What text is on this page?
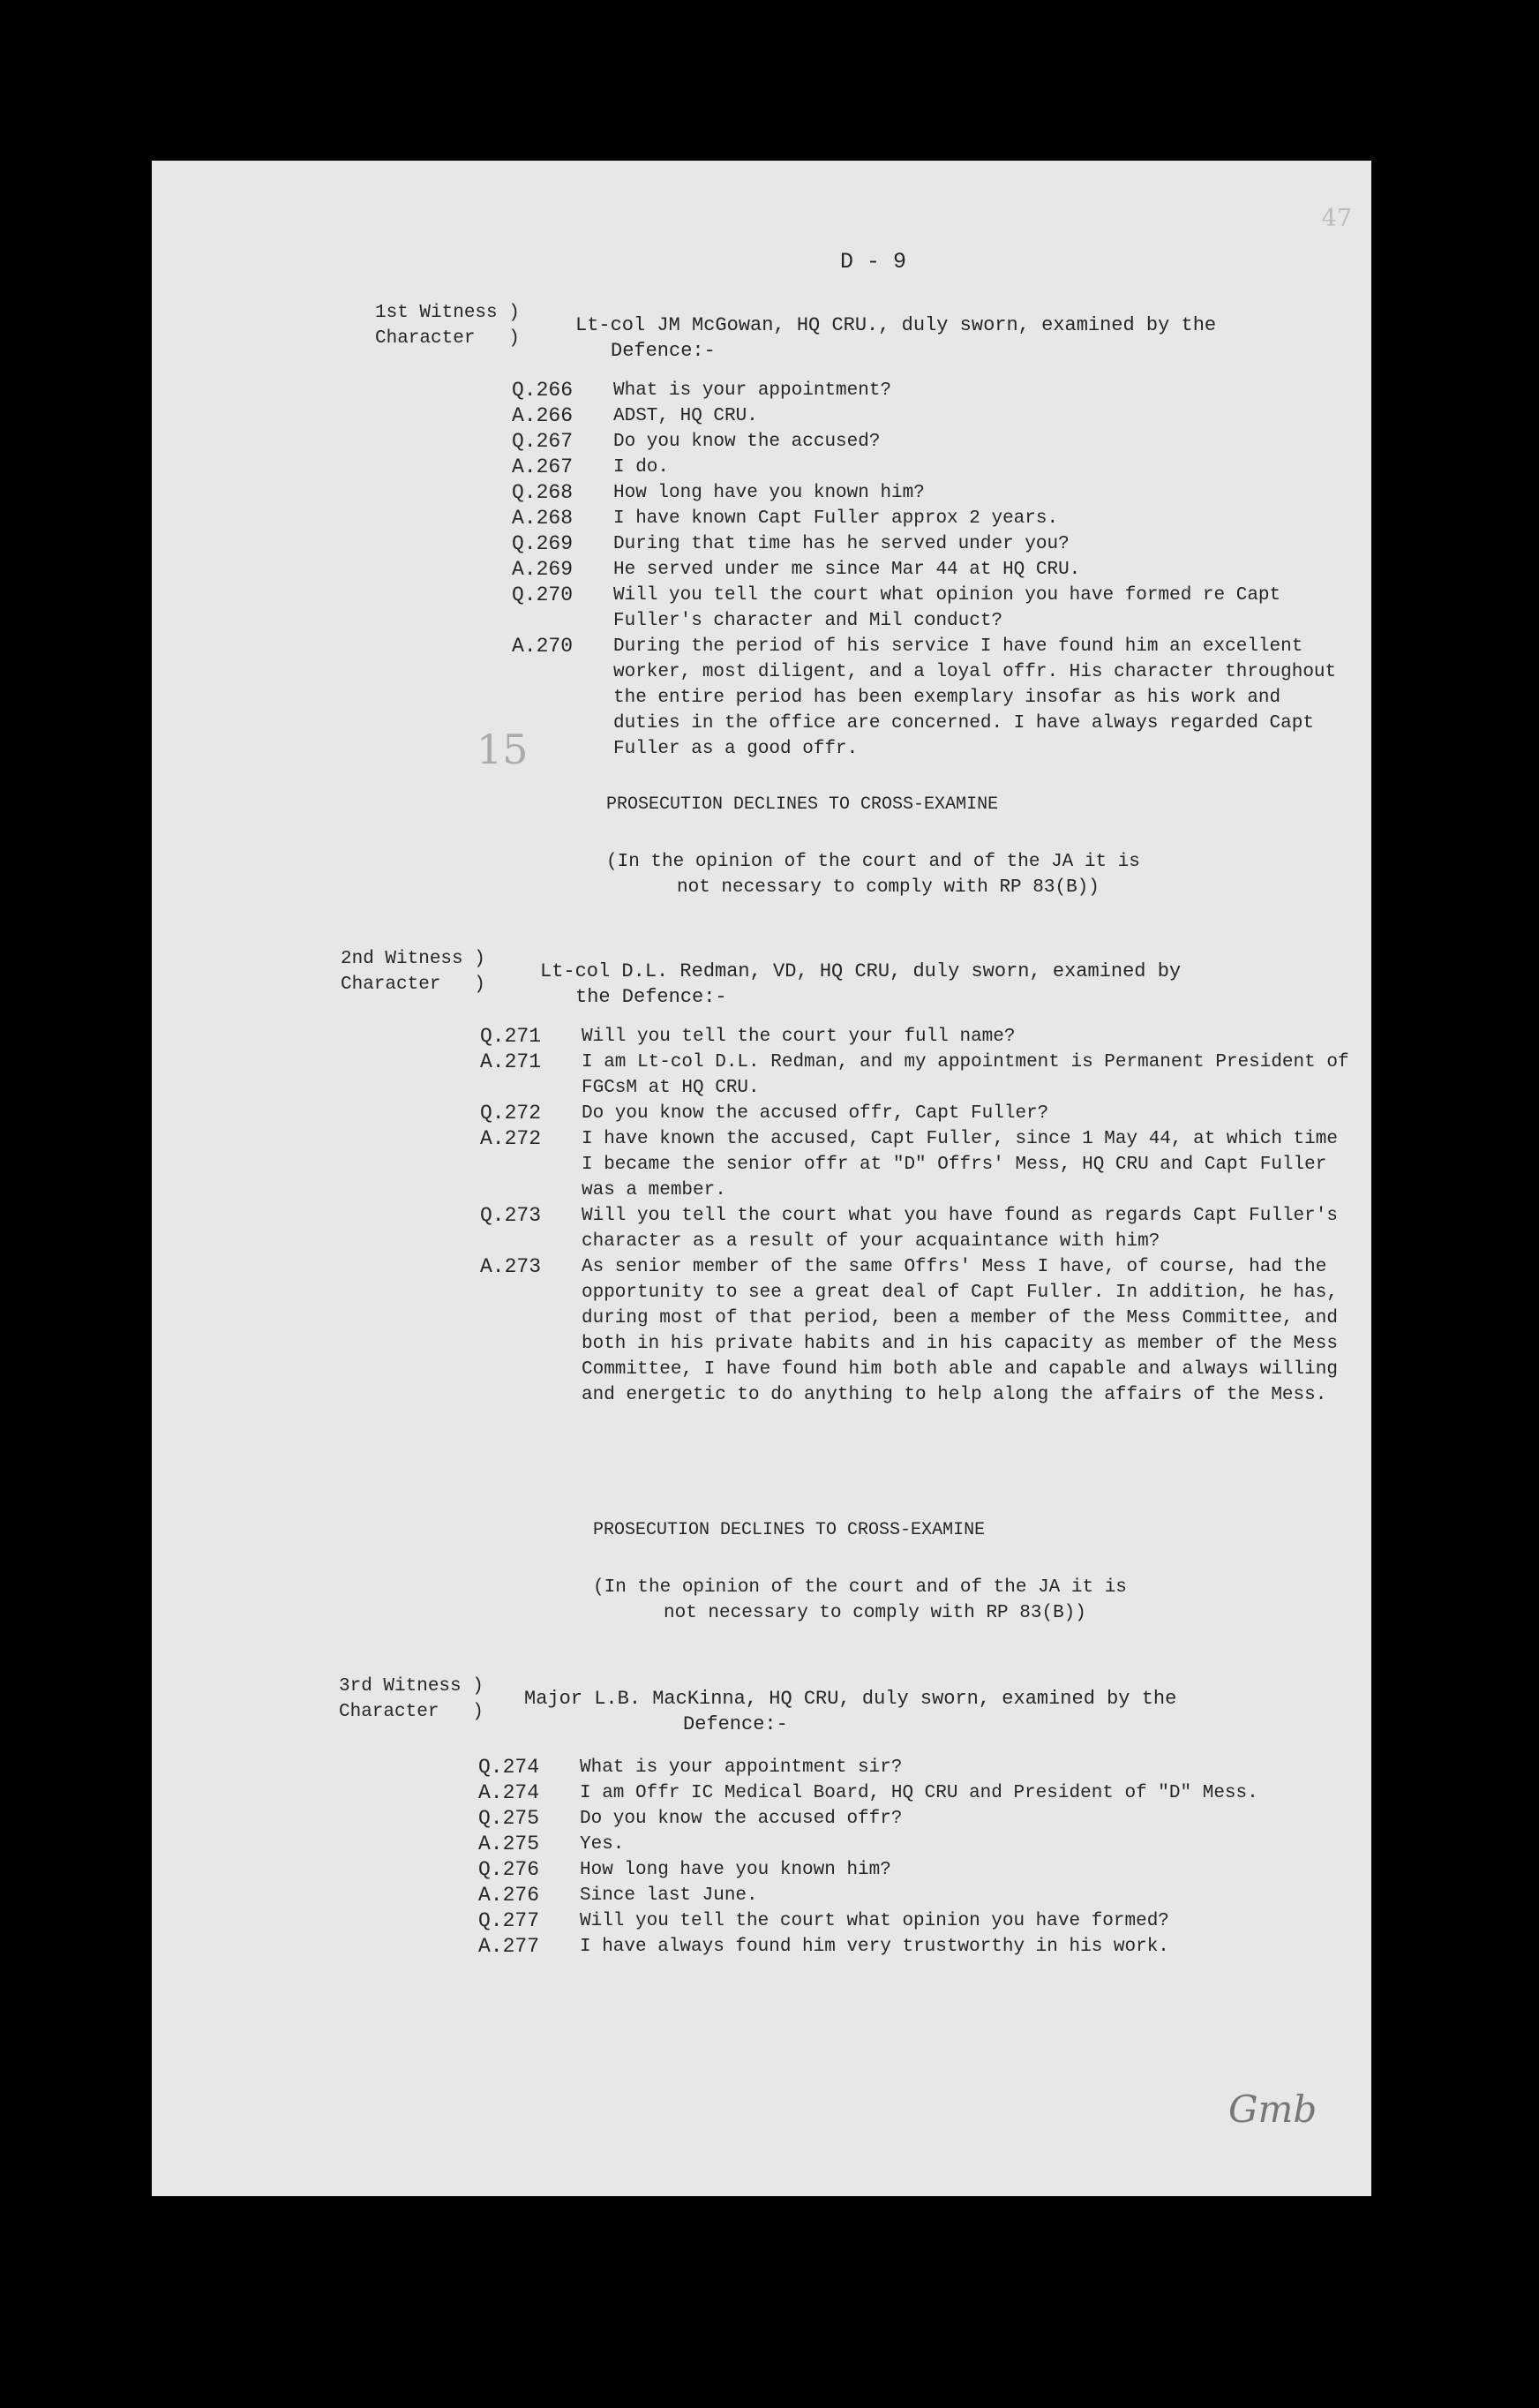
D - 9
47
15
1st Witness )
Character   )
Lt-col JM McGowan, HQ CRU., duly sworn, examined by the
Defence:-
Q.266	What is your appointment?
A.266	ADST, HQ CRU.
Q.267	Do you know the accused?
A.267	I do.
Q.268	How long have you known him?
A.268	I have known Capt Fuller approx 2 years.
Q.269	During that time has he served under you?
A.269	He served under me since Mar 44 at HQ CRU.
Q.270	Will you tell the court what opinion you have formed re Capt Fuller's character and Mil conduct?
A.270	During the period of his service I have found him an excellent worker, most diligent, and a loyal offr. His character throughout the entire period has been exemplary insofar as his work and duties in the office are concerned. I have always regarded Capt Fuller as a good offr.
PROSECUTION DECLINES TO CROSS-EXAMINE
(In the opinion of the court and of the JA it is
not necessary to comply with RP 83(B))
2nd Witness )
Character   )
Lt-col D.L. Redman, VD, HQ CRU, duly sworn, examined by
the Defence:-
Q.271	Will you tell the court your full name?
A.271	I am Lt-col D.L. Redman, and my appointment is Permanent President of FGCsM at HQ CRU.
Q.272	Do you know the accused offr, Capt Fuller?
A.272	I have known the accused, Capt Fuller, since 1 May 44, at which time I became the senior offr at "D" Offrs' Mess, HQ CRU and Capt Fuller was a member.
Q.273	Will you tell the court what you have found as regards Capt Fuller's character as a result of your acquaintance with him?
A.273	As senior member of the same Offrs' Mess I have, of course, had the opportunity to see a great deal of Capt Fuller. In addition, he has, during most of that period, been a member of the Mess Committee, and both in his private habits and in his capacity as member of the Mess Committee, I have found him both able and capable and always willing and energetic to do anything to help along the affairs of the Mess.
PROSECUTION DECLINES TO CROSS-EXAMINE
(In the opinion of the court and of the JA it is
not necessary to comply with RP 83(B))
3rd Witness )
Character   )
Major L.B. MacKinna, HQ CRU, duly sworn, examined by the
Defence:-
Q.274	What is your appointment sir?
A.274	I am Offr IC Medical Board, HQ CRU and President of "D" Mess.
Q.275	Do you know the accused offr?
A.275	Yes.
Q.276	How long have you known him?
A.276	Since last June.
Q.277	Will you tell the court what opinion you have formed?
A.277	I have always found him very trustworthy in his work.
Gmb
